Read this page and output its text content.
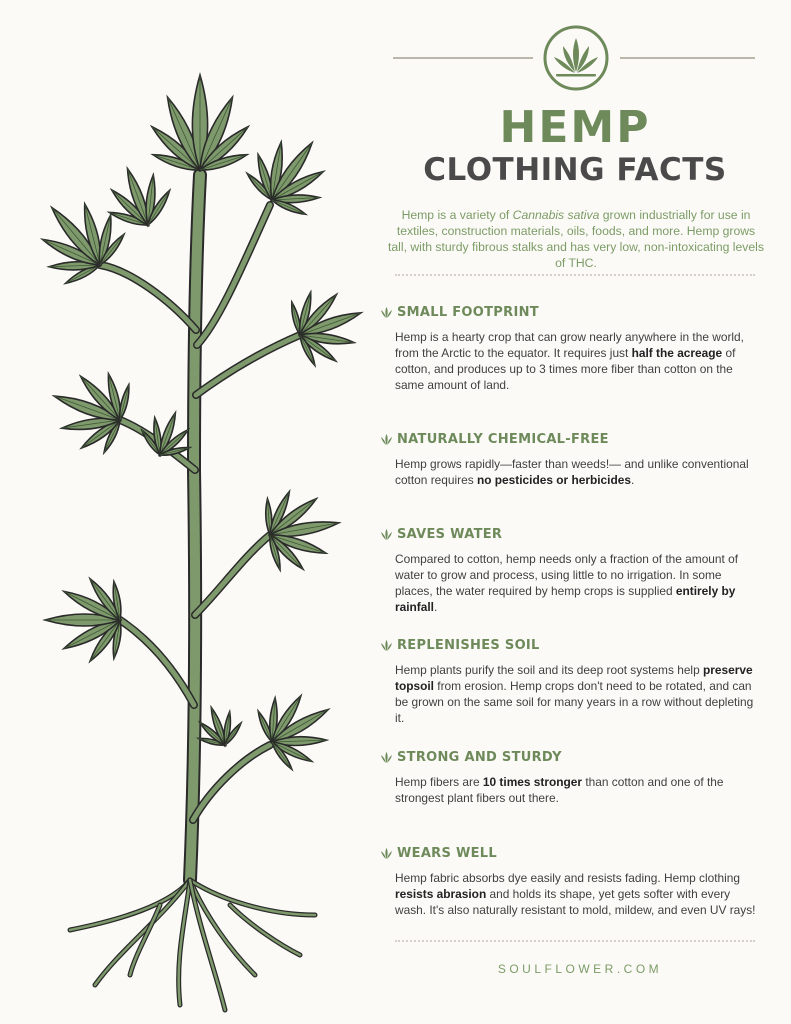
HEMP
CLOTHING FACTS

Hemp is a variety of Cannabis sativa grown industrially for use in textiles, construction materials, oils, foods, and more. Hemp grows tall, with sturdy fibrous stalks and has very low, non-intoxicating levels of THC.

SMALL FOOTPRINT

Hemp is a hearty crop that can grow nearly anywhere in the world, from the Arctic to the equator. It requires just half the acreage of cotton, and produces up to 3 times more fiber than cotton on the same amount of land.

NATURALLY CHEMICAL-FREE

Hemp grows rapidly—faster than weeds!— and unlike conventional cotton requires no pesticides or herbicides.

SAVES WATER

Compared to cotton, hemp needs only a fraction of the amount of water to grow and process, using little to no irrigation. In some places, the water required by hemp crops is supplied entirely by rainfall.

REPLENISHES SOIL

Hemp plants purify the soil and its deep root systems help preserve topsoil from erosion. Hemp crops don't need to be rotated, and can be grown on the same soil for many years in a row without depleting it.

STRONG AND STURDY

Hemp fibers are 10 times stronger than cotton and one of the strongest plant fibers out there.

WEARS WELL

Hemp fabric absorbs dye easily and resists fading. Hemp clothing resists abrasion and holds its shape, yet gets softer with every wash. It's also naturally resistant to mold, mildew, and even UV rays!

SOULFLOWER.COM
